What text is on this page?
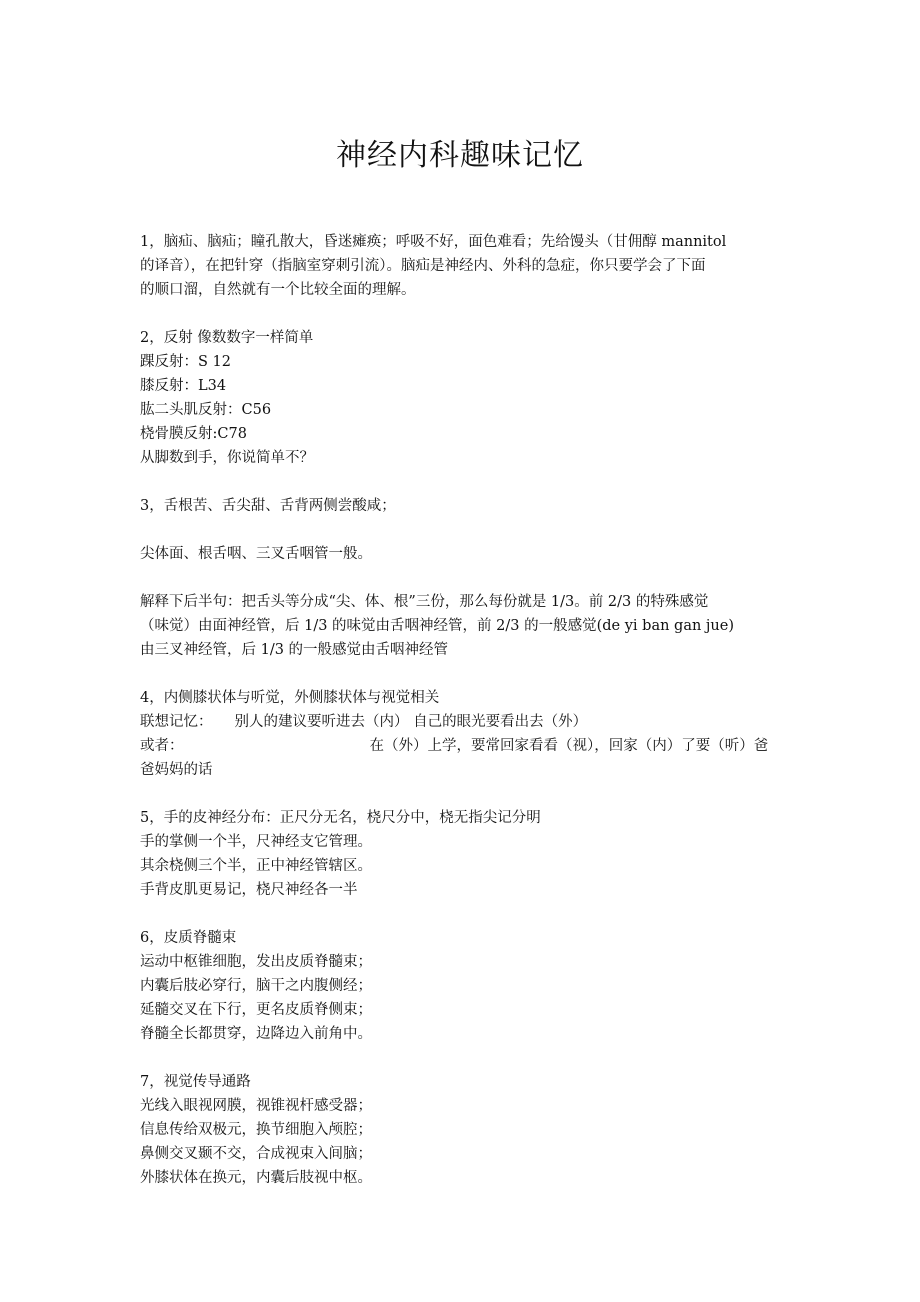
神经内科趣味记忆
1，脑疝、脑疝；瞳孔散大，昏迷瘫痪；呼吸不好，面色难看；先给馒头（甘佣醇 mannitol
的译音），在把针穿（指脑室穿刺引流）。脑疝是神经内、外科的急症，你只要学会了下面
的顺口溜，自然就有一个比较全面的理解。
2，反射 像数数字一样简单
踝反射：S 12
膝反射：L34
肱二头肌反射：C56
桡骨膜反射:C78
从脚数到手，你说简单不？
3，舌根苦、舌尖甜、舌背两侧尝酸咸；
尖体面、根舌咽、三叉舌咽管一般。
解释下后半句：把舌头等分成“尖、体、根”三份，那么每份就是 1/3。前 2/3 的特殊感觉
（味觉）由面神经管，后 1/3 的味觉由舌咽神经管，前 2/3 的一般感觉(de yi ban gan jue)
由三叉神经管，后 1/3 的一般感觉由舌咽神经管
4，内侧膝状体与听觉，外侧膝状体与视觉相关
联想记忆： 别人的建议要听进去（内） 自己的眼光要看出去（外）
或者：	在（外）上学，要常回家看看（视），回家（内）了要（听）爸
爸妈妈的话
5，手的皮神经分布：正尺分无名，桡尺分中，桡无指尖记分明
手的掌侧一个半，尺神经支它管理。
其余桡侧三个半，正中神经管辖区。
手背皮肌更易记，桡尺神经各一半
6，皮质脊髓束
运动中枢锥细胞，发出皮质脊髓束；
内囊后肢必穿行，脑干之内腹侧经；
延髓交叉在下行，更名皮质脊侧束；
脊髓全长都贯穿，边降边入前角中。
7，视觉传导通路
光线入眼视网膜，视锥视杆感受器；
信息传给双极元，换节细胞入颅腔；
鼻侧交叉颞不交，合成视束入间脑；
外膝状体在换元，内囊后肢视中枢。
